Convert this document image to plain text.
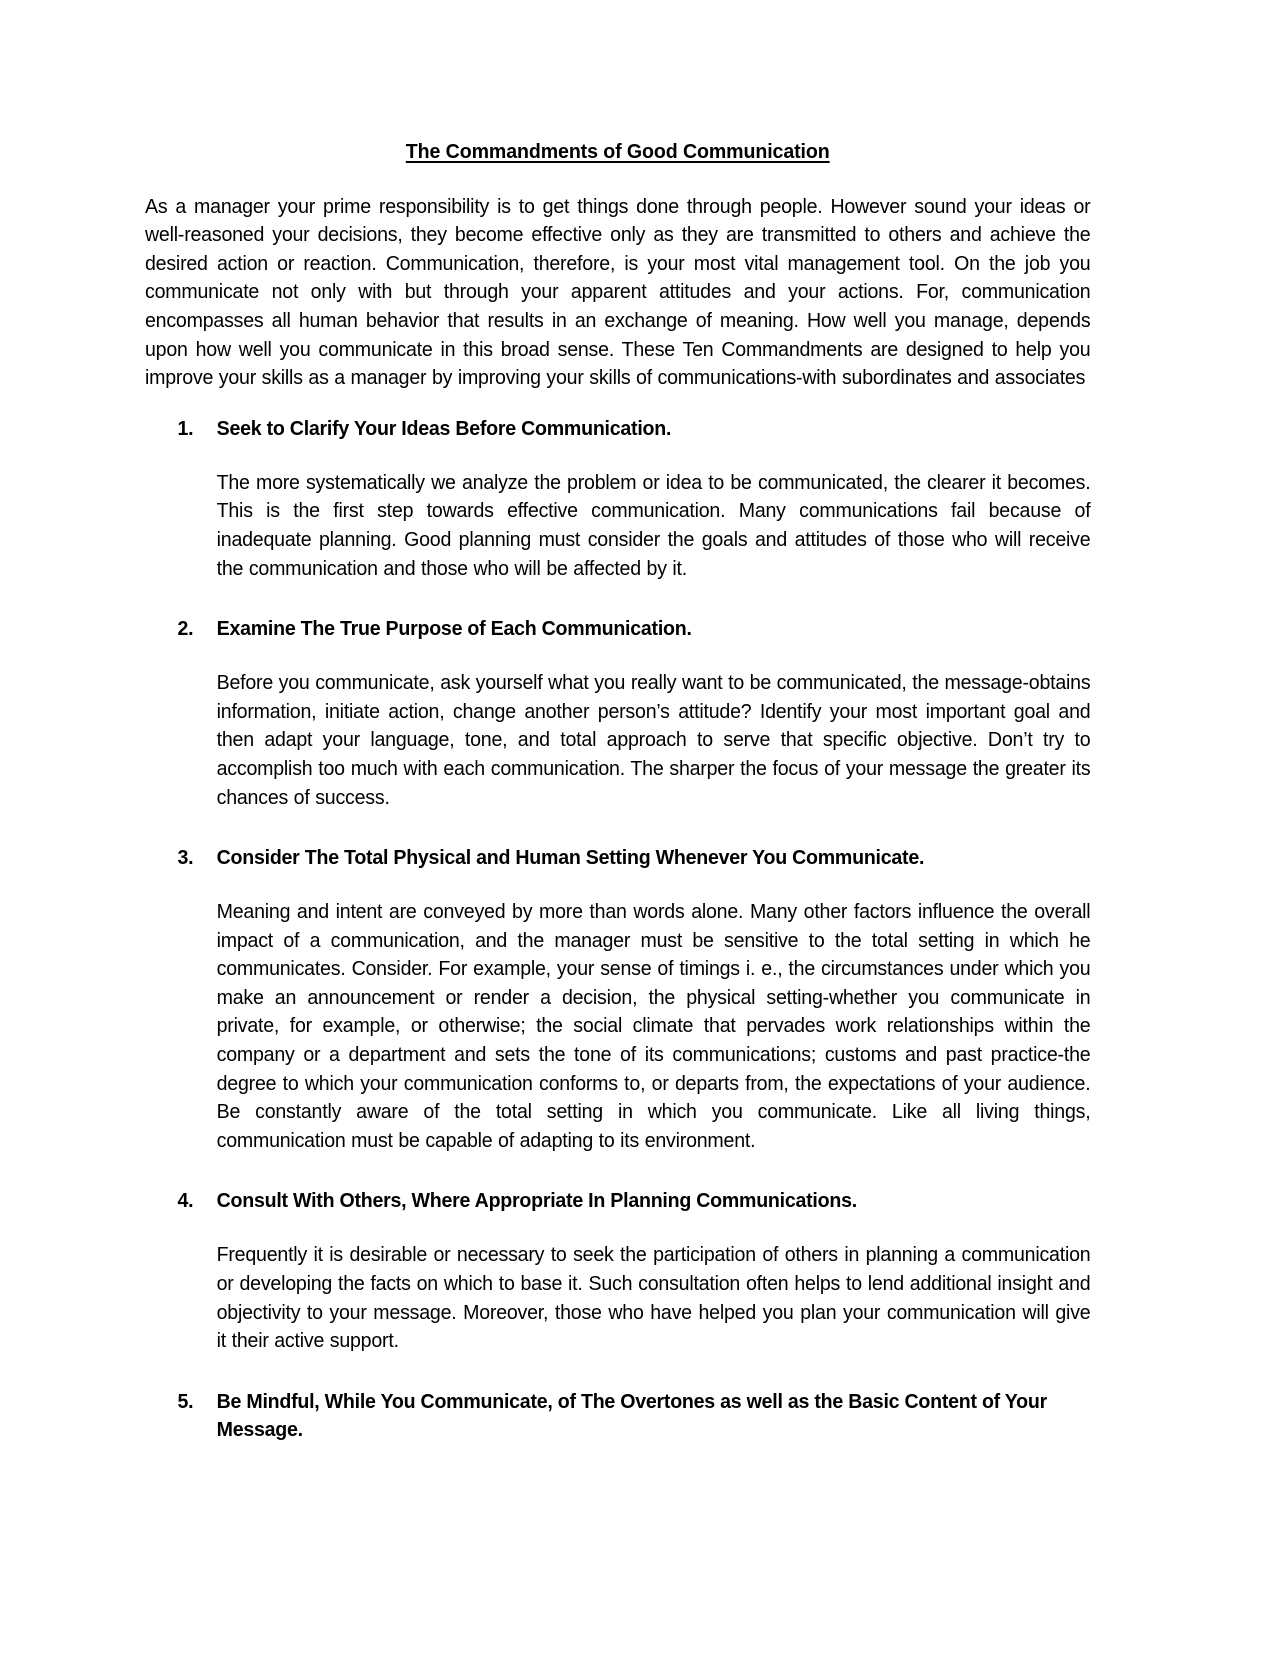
The Commandments of Good Communication

As a manager your prime responsibility is to get things done through people. However sound your ideas or well-reasoned your decisions, they become effective only as they are transmitted to others and achieve the desired action or reaction. Communication, therefore, is your most vital management tool. On the job you communicate not only with but through your apparent attitudes and your actions. For, communication encompasses all human behavior that results in an exchange of meaning. How well you manage, depends upon how well you communicate in this broad sense. These Ten Commandments are designed to help you improve your skills as a manager by improving your skills of communications-with subordinates and associates

1. Seek to Clarify Your Ideas Before Communication.

The more systematically we analyze the problem or idea to be communicated, the clearer it becomes. This is the first step towards effective communication. Many communications fail because of inadequate planning. Good planning must consider the goals and attitudes of those who will receive the communication and those who will be affected by it.

2. Examine The True Purpose of Each Communication.

Before you communicate, ask yourself what you really want to be communicated, the message-obtains information, initiate action, change another person’s attitude? Identify your most important goal and then adapt your language, tone, and total approach to serve that specific objective. Don’t try to accomplish too much with each communication. The sharper the focus of your message the greater its chances of success.

3. Consider The Total Physical and Human Setting Whenever You Communicate.

Meaning and intent are conveyed by more than words alone. Many other factors influence the overall impact of a communication, and the manager must be sensitive to the total setting in which he communicates. Consider. For example, your sense of timings i. e., the circumstances under which you make an announcement or render a decision, the physical setting-whether you communicate in private, for example, or otherwise; the social climate that pervades work relationships within the company or a department and sets the tone of its communications; customs and past practice-the degree to which your communication conforms to, or departs from, the expectations of your audience. Be constantly aware of the total setting in which you communicate. Like all living things, communication must be capable of adapting to its environment.

4. Consult With Others, Where Appropriate In Planning Communications.

Frequently it is desirable or necessary to seek the participation of others in planning a communication or developing the facts on which to base it. Such consultation often helps to lend additional insight and objectivity to your message. Moreover, those who have helped you plan your communication will give it their active support.

5. Be Mindful, While You Communicate, of The Overtones as well as the Basic Content of Your Message.
